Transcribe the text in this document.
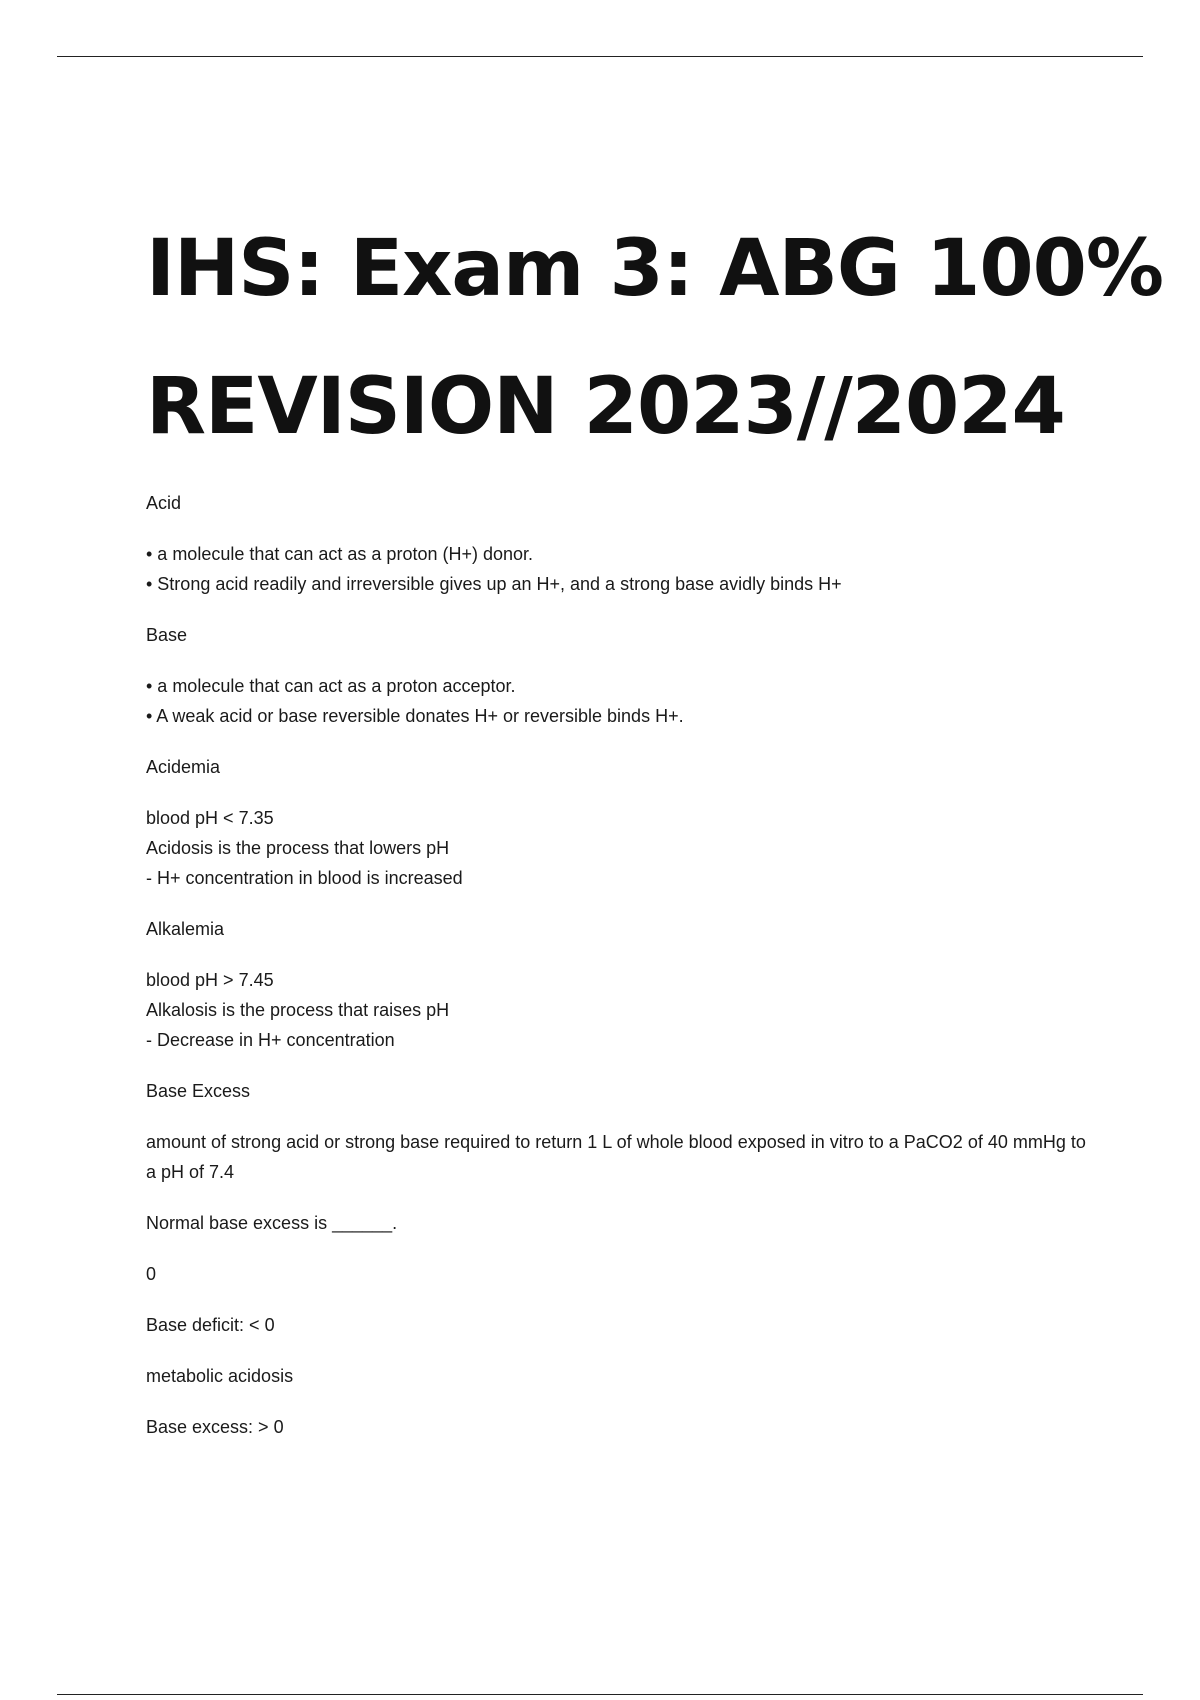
IHS: Exam 3: ABG 100%
REVISION 2023//2024
Acid
• a molecule that can act as a proton (H+) donor.
• Strong acid readily and irreversible gives up an H+, and a strong base avidly binds H+
Base
• a molecule that can act as a proton acceptor.
• A weak acid or base reversible donates H+ or reversible binds H+.
Acidemia
blood pH < 7.35
Acidosis is the process that lowers pH
- H+ concentration in blood is increased
Alkalemia
blood pH > 7.45
Alkalosis is the process that raises pH
- Decrease in H+ concentration
Base Excess
amount of strong acid or strong base required to return 1 L of whole blood exposed in vitro to a PaCO2 of 40 mmHg to a pH of 7.4
Normal base excess is ______.
0
Base deficit: < 0
metabolic acidosis
Base excess: > 0
